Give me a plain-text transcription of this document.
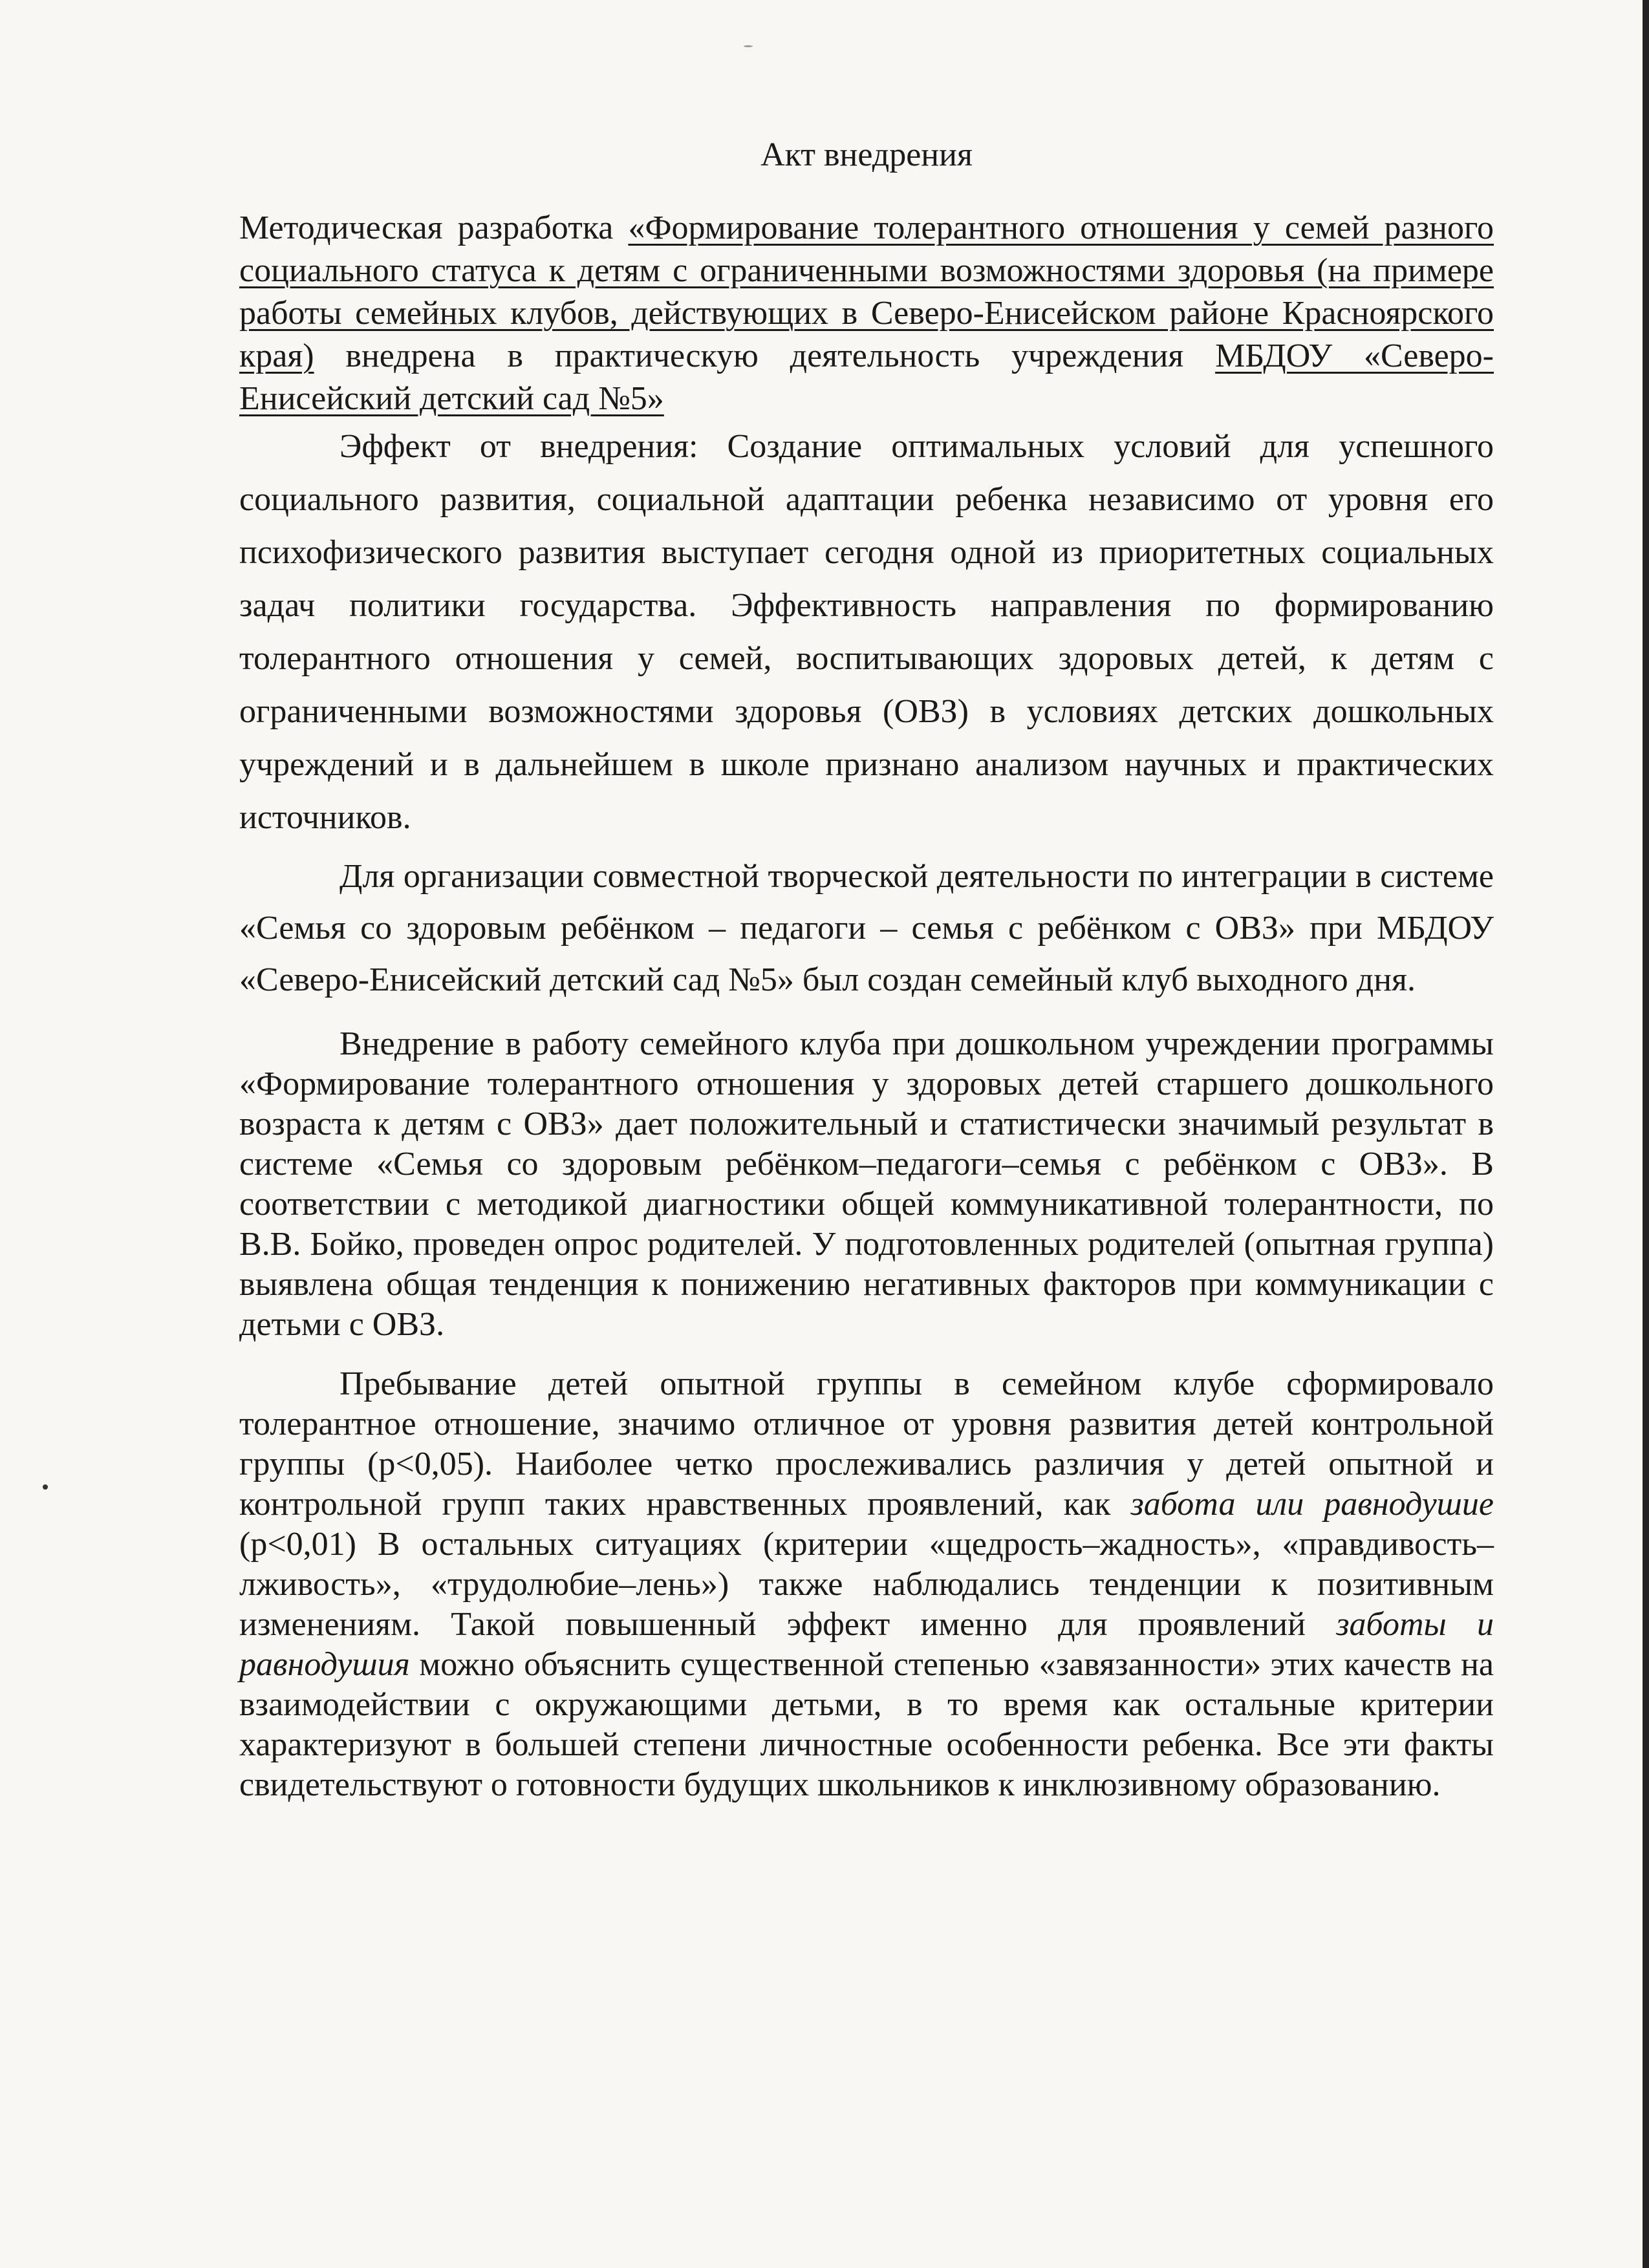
Акт внедрения

Методическая разработка «Формирование толерантного отношения у семей разного социального статуса к детям с ограниченными возможностями здоровья (на примере работы семейных клубов, действующих в Северо-Енисейском районе Красноярского края) внедрена в практическую деятельность учреждения МБДОУ «Северо-Енисейский детский сад №5»

Эффект от внедрения: Создание оптимальных условий для успешного социального развития, социальной адаптации ребенка независимо от уровня его психофизического развития выступает сегодня одной из приоритетных социальных задач политики государства. Эффективность направления по формированию толерантного отношения у семей, воспитывающих здоровых детей, к детям с ограниченными возможностями здоровья (ОВЗ) в условиях детских дошкольных учреждений и в дальнейшем в школе признано анализом научных и практических источников.

Для организации совместной творческой деятельности по интеграции в системе «Семья со здоровым ребёнком – педагоги – семья с ребёнком с ОВЗ» при МБДОУ «Северо-Енисейский детский сад №5» был создан семейный клуб выходного дня.

Внедрение в работу семейного клуба при дошкольном учреждении программы «Формирование толерантного отношения у здоровых детей старшего дошкольного возраста к детям с ОВЗ» дает положительный и статистически значимый результат в системе «Семья со здоровым ребёнком–педагоги–семья с ребёнком с ОВЗ». В соответствии с методикой диагностики общей коммуникативной толерантности, по В.В. Бойко, проведен опрос родителей. У подготовленных родителей (опытная группа) выявлена общая тенденция к понижению негативных факторов при коммуникации с детьми с ОВЗ.

Пребывание детей опытной группы в семейном клубе сформировало толерантное отношение, значимо отличное от уровня развития детей контрольной группы (р<0,05). Наиболее четко прослеживались различия у детей опытной и контрольной групп таких нравственных проявлений, как забота или равнодушие (р<0,01) В остальных ситуациях (критерии «щедрость–жадность», «правдивость–лживость», «трудолюбие–лень») также наблюдались тенденции к позитивным изменениям. Такой повышенный эффект именно для проявлений заботы и равнодушия можно объяснить существенной степенью «завязанности» этих качеств на взаимодействии с окружающими детьми, в то время как остальные критерии характеризуют в большей степени личностные особенности ребенка. Все эти факты свидетельствуют о готовности будущих школьников к инклюзивному образованию.
